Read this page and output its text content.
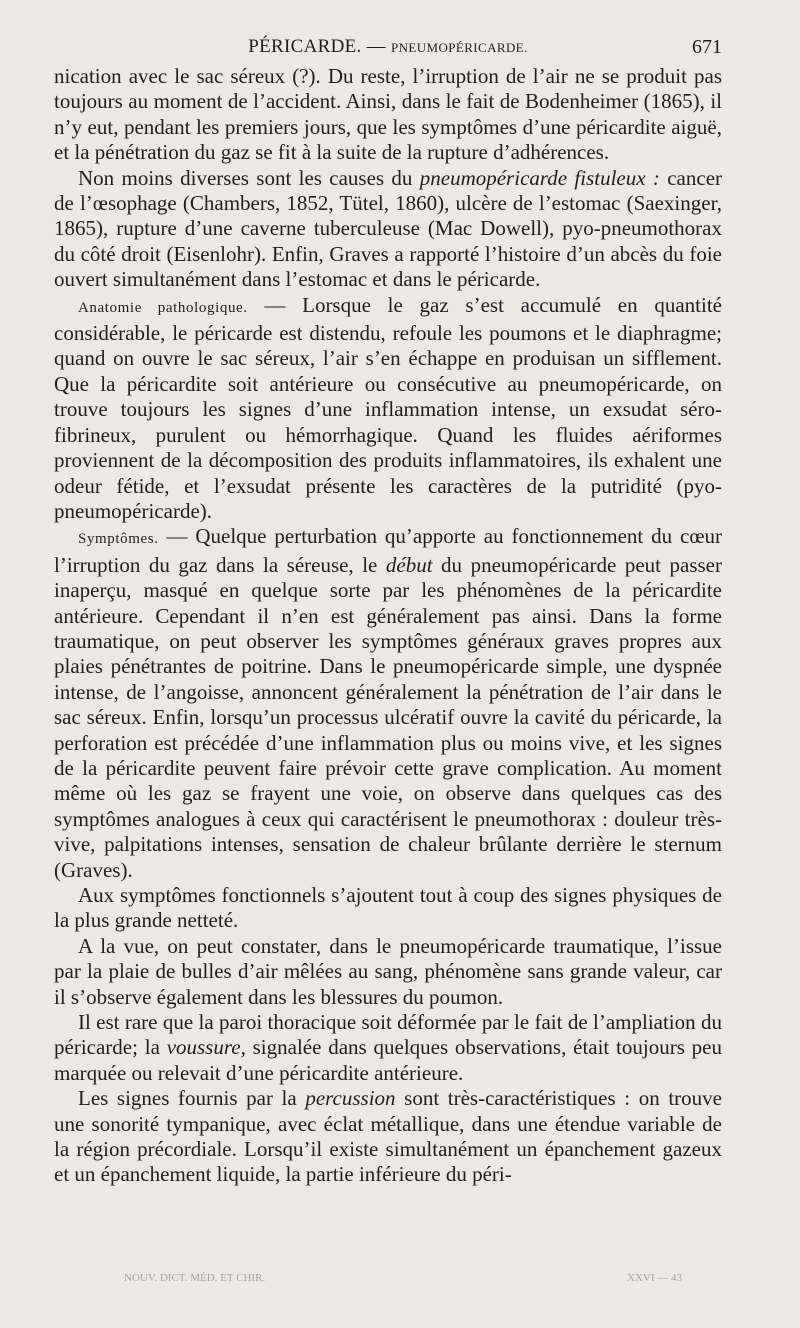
PÉRICARDE. — PNEUMOPÉRICARDE.	671

nication avec le sac séreux (?). Du reste, l’irruption de l’air ne se produit pas toujours au moment de l’accident. Ainsi, dans le fait de Bodenheimer (1865), il n’y eut, pendant les premiers jours, que les symptômes d’une péricardite aiguë, et la pénétration du gaz se fit à la suite de la rupture d’adhérences.

Non moins diverses sont les causes du pneumopéricarde fistuleux : cancer de l’œsophage (Chambers, 1852, Tütel, 1860), ulcère de l’estomac (Saexinger, 1865), rupture d’une caverne tuberculeuse (Mac Dowell), pyo-pneumothorax du côté droit (Eisenlohr). Enfin, Graves a rapporté l’histoire d’un abcès du foie ouvert simultanément dans l’estomac et dans le péricarde.

Anatomie pathologique. — Lorsque le gaz s’est accumulé en quantité considérable, le péricarde est distendu, refoule les poumons et le diaphragme; quand on ouvre le sac séreux, l’air s’en échappe en produisan un sifflement. Que la péricardite soit antérieure ou consécutive au pneumopéricarde, on trouve toujours les signes d’une inflammation intense, un exsudat séro-fibrineux, purulent ou hémorrhagique. Quand les fluides aériformes proviennent de la décomposition des produits inflammatoires, ils exhalent une odeur fétide, et l’exsudat présente les caractères de la putridité (pyo-pneumopéricarde).

Symptômes. — Quelque perturbation qu’apporte au fonctionnement du cœur l’irruption du gaz dans la séreuse, le début du pneumopéricarde peut passer inaperçu, masqué en quelque sorte par les phénomènes de la péricardite antérieure. Cependant il n’en est généralement pas ainsi. Dans la forme traumatique, on peut observer les symptômes généraux graves propres aux plaies pénétrantes de poitrine. Dans le pneumopéricarde simple, une dyspnée intense, de l’angoisse, annoncent généralement la pénétration de l’air dans le sac séreux. Enfin, lorsqu’un processus ulcératif ouvre la cavité du péricarde, la perforation est précédée d’une inflammation plus ou moins vive, et les signes de la péricardite peuvent faire prévoir cette grave complication. Au moment même où les gaz se frayent une voie, on observe dans quelques cas des symptômes analogues à ceux qui caractérisent le pneumothorax : douleur très-vive, palpitations intenses, sensation de chaleur brûlante derrière le sternum (Graves).

Aux symptômes fonctionnels s’ajoutent tout à coup des signes physiques de la plus grande netteté.

A la vue, on peut constater, dans le pneumopéricarde traumatique, l’issue par la plaie de bulles d’air mêlées au sang, phénomène sans grande valeur, car il s’observe également dans les blessures du poumon.

Il est rare que la paroi thoracique soit déformée par le fait de l’ampliation du péricarde; la voussure, signalée dans quelques observations, était toujours peu marquée ou relevait d’une péricardite antérieure.

Les signes fournis par la percussion sont très-caractéristiques : on trouve une sonorité tympanique, avec éclat métallique, dans une étendue variable de la région précordiale. Lorsqu’il existe simultanément un épanchement gazeux et un épanchement liquide, la partie inférieure du péri-

NOUV. DICT. MÉD. ET CHIR.	XXVI — 43
